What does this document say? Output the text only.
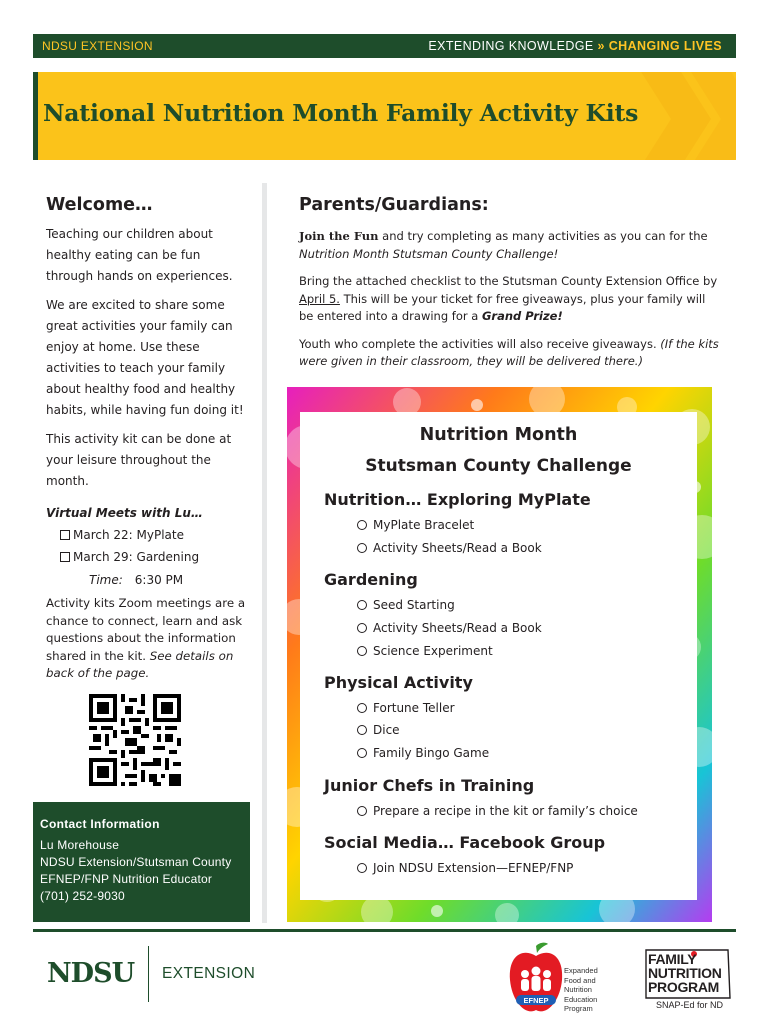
NDSU EXTENSION	EXTENDING KNOWLEDGE » CHANGING LIVES
National Nutrition Month Family Activity Kits
Welcome…

Teaching our children about healthy eating can be fun through hands on experiences.

We are excited to share some great activities your family can enjoy at home. Use these activities to teach your family about healthy food and healthy habits, while having fun doing it!

This activity kit can be done at your leisure throughout the month.

Virtual Meets with Lu…
March 22: MyPlate
March 29: Gardening
Time: 6:30 PM

Activity kits Zoom meetings are a chance to connect, learn and ask questions about the information shared in the kit. See details on back of the page.

Contact Information
Lu Morehouse
NDSU Extension/Stutsman County
EFNEP/FNP Nutrition Educator
(701) 252-9030
Parents/Guardians:

Join the Fun and try completing as many activities as you can for the
Nutrition Month Stutsman County Challenge!

Bring the attached checklist to the Stutsman County Extension Office by April 5. This will be your ticket for free giveaways, plus your family will be entered into a drawing for a Grand Prize!

Youth who complete the activities will also receive giveaways. (If the kits were given in their classroom, they will be delivered there.)

Nutrition Month
Stutsman County Challenge
Nutrition… Exploring MyPlate
MyPlate Bracelet
Activity Sheets/Read a Book
Gardening
Seed Starting
Activity Sheets/Read a Book
Science Experiment
Physical Activity
Fortune Teller
Dice
Family Bingo Game
Junior Chefs in Training
Prepare a recipe in the kit or family’s choice
Social Media… Facebook Group
Join NDSU Extension—EFNEP/FNP
NDSU EXTENSION
EFNEP
Expanded
Food and
Nutrition
Education
Program
FAMILY
NUTRITION
PROGRAM
SNAP-Ed for ND
